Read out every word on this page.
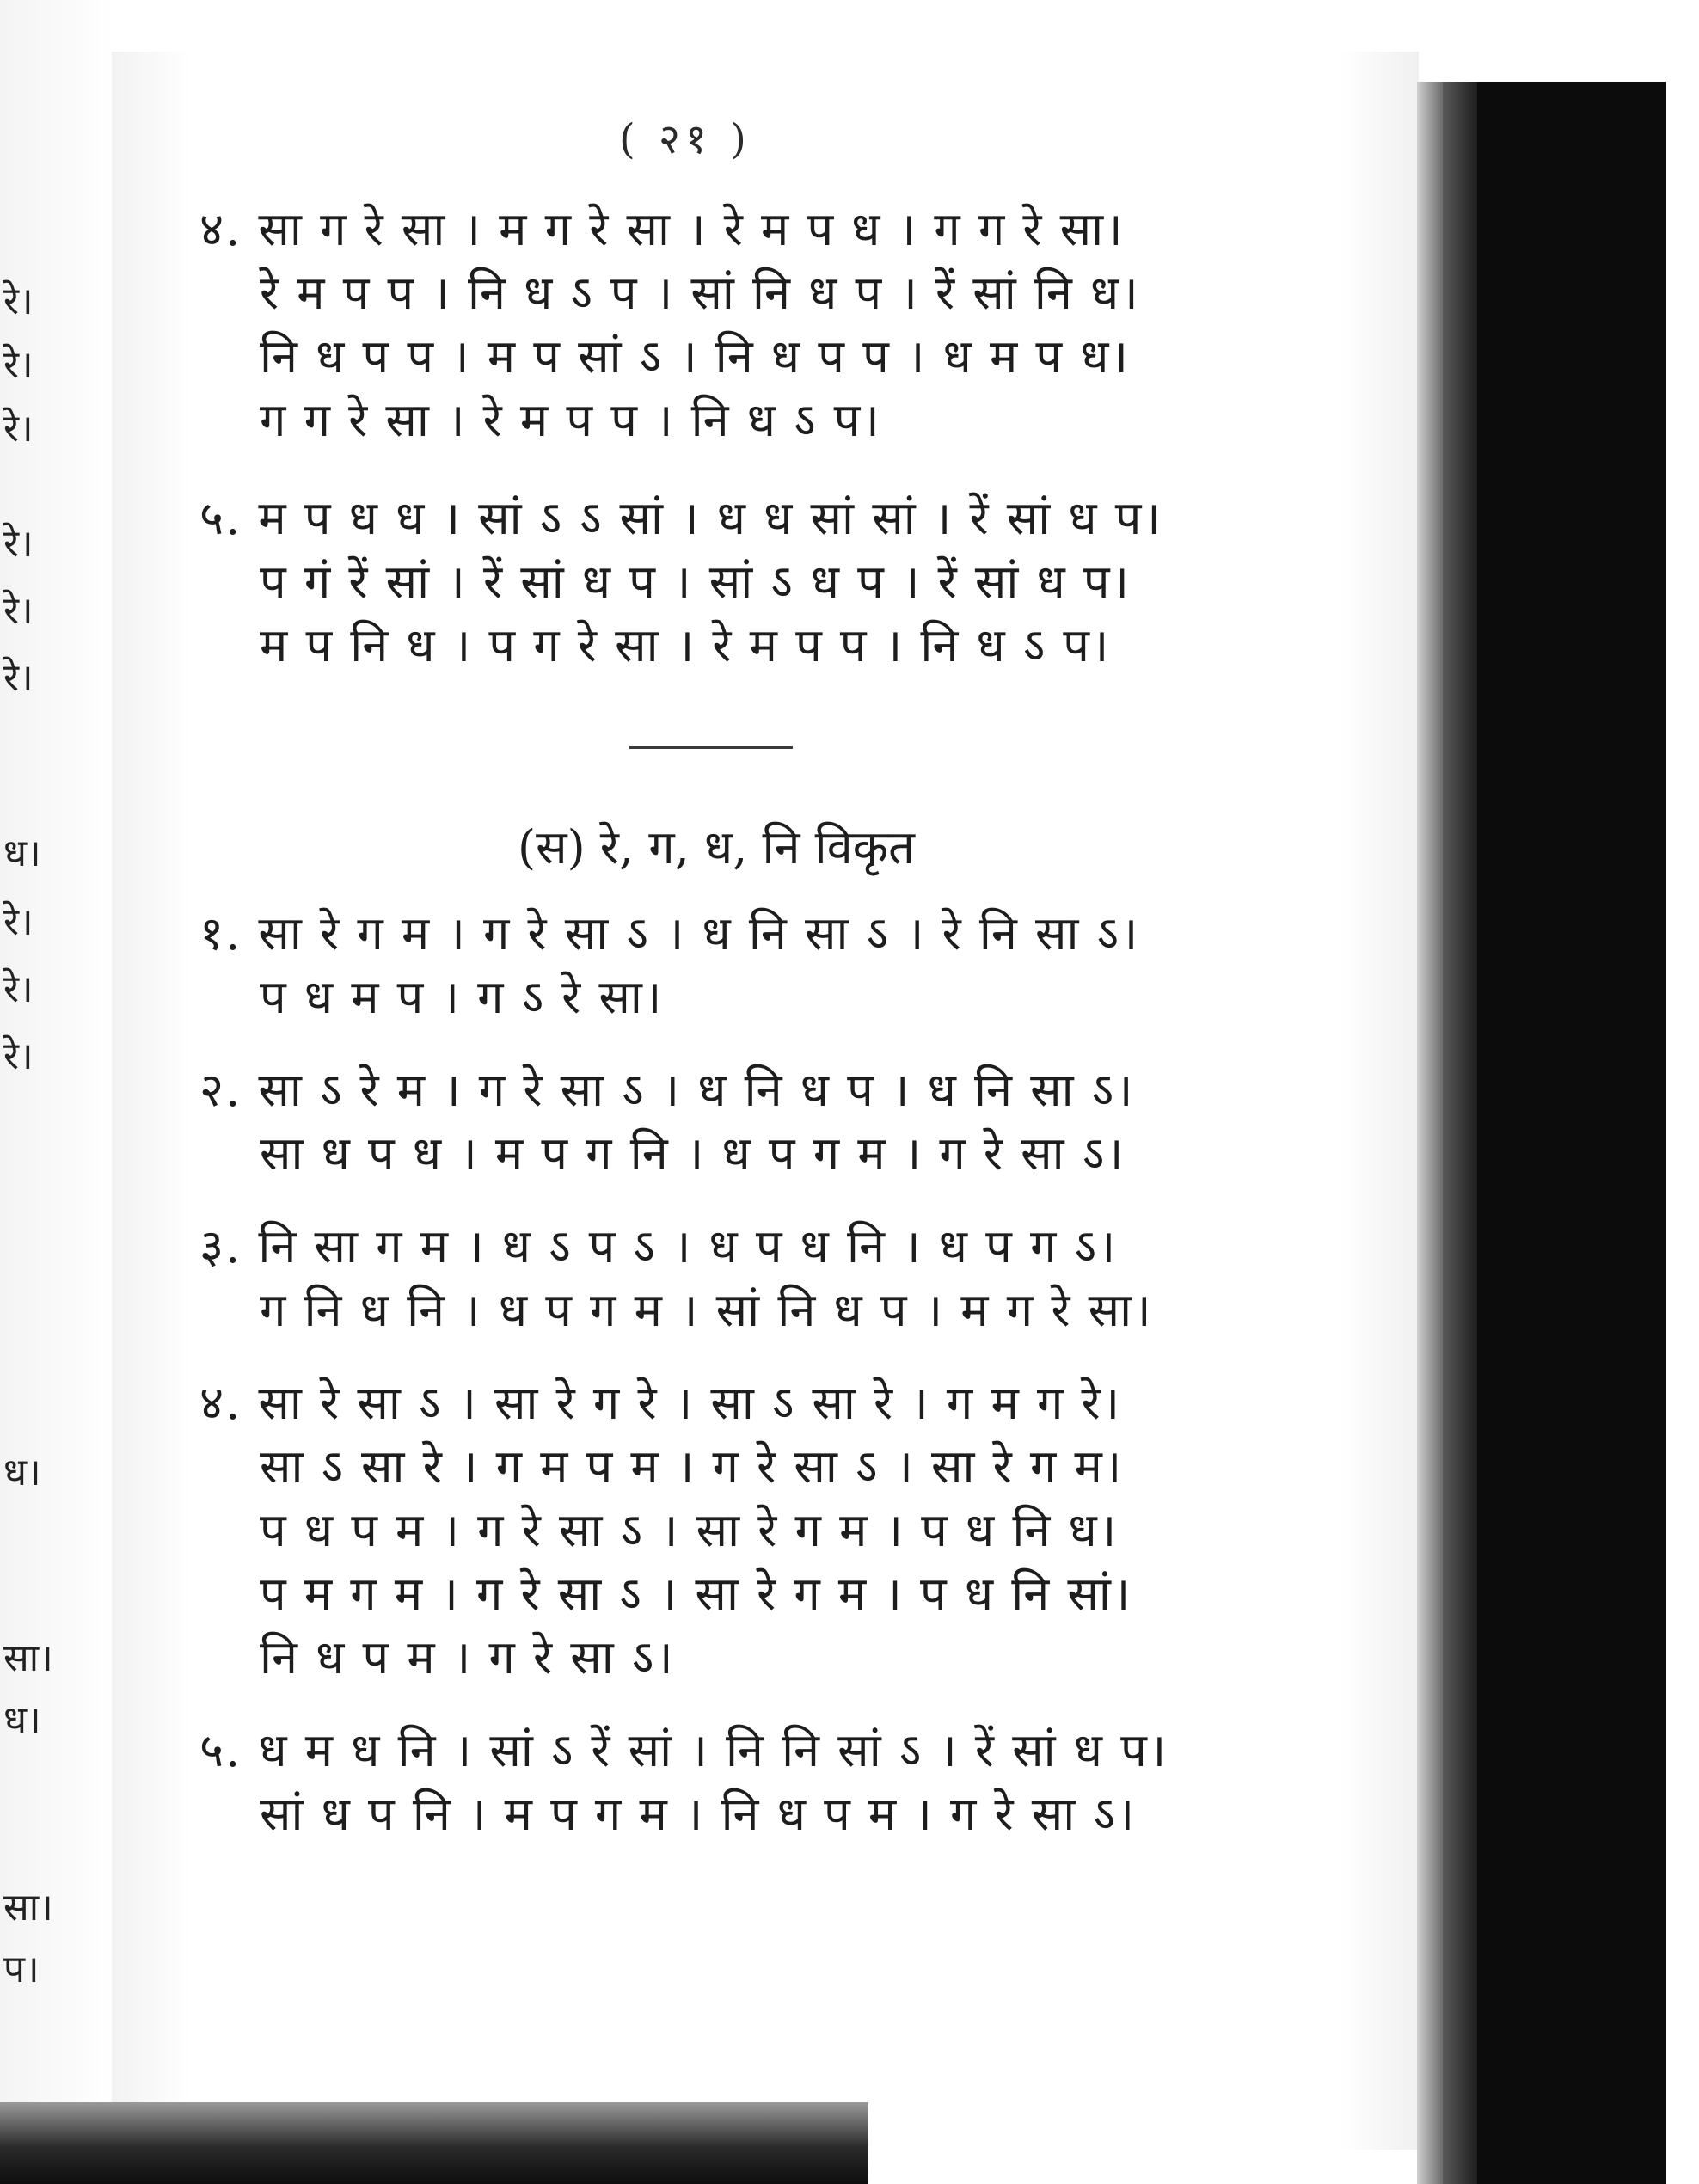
रे।
रे।
रे।
रे।
रे।
रे।
ध।
रे।
रे।
रे।
ध।
सा।
ध।
सा।
प।
( २१ )
४. सा ग रे सा । म ग रे सा । रे म प ध । ग ग रे सा।
रे म प प । नि ध ऽ प । सां नि ध प । रें सां नि ध।
नि ध प प । म प सां ऽ । नि ध प प । ध म प ध।
ग ग रे सा । रे म प प । नि ध ऽ प।
५. म प ध ध । सां ऽ ऽ सां । ध ध सां सां । रें सां ध प।
प गं रें सां । रें सां ध प । सां ऽ ध प । रें सां ध प।
म प नि ध । प ग रे सा । रे म प प । नि ध ऽ प।
(स) रे, ग, ध, नि विकृत
१. सा रे ग म । ग रे सा ऽ । ध नि सा ऽ । रे नि सा ऽ।
प ध म प । ग ऽ रे सा।
२. सा ऽ रे म । ग रे सा ऽ । ध नि ध प । ध नि सा ऽ।
सा ध प ध । म प ग नि । ध प ग म । ग रे सा ऽ।
३. नि सा ग म । ध ऽ प ऽ । ध प ध नि । ध प ग ऽ।
ग नि ध नि । ध प ग म । सां नि ध प । म ग रे सा।
४. सा रे सा ऽ । सा रे ग रे । सा ऽ सा रे । ग म ग रे।
सा ऽ सा रे । ग म प म । ग रे सा ऽ । सा रे ग म।
प ध प म । ग रे सा ऽ । सा रे ग म । प ध नि ध।
प म ग म । ग रे सा ऽ । सा रे ग म । प ध नि सां।
नि ध प म । ग रे सा ऽ।
५. ध म ध नि । सां ऽ रें सां । नि नि सां ऽ । रें सां ध प।
सां ध प नि । म प ग म । नि ध प म । ग रे सा ऽ।
